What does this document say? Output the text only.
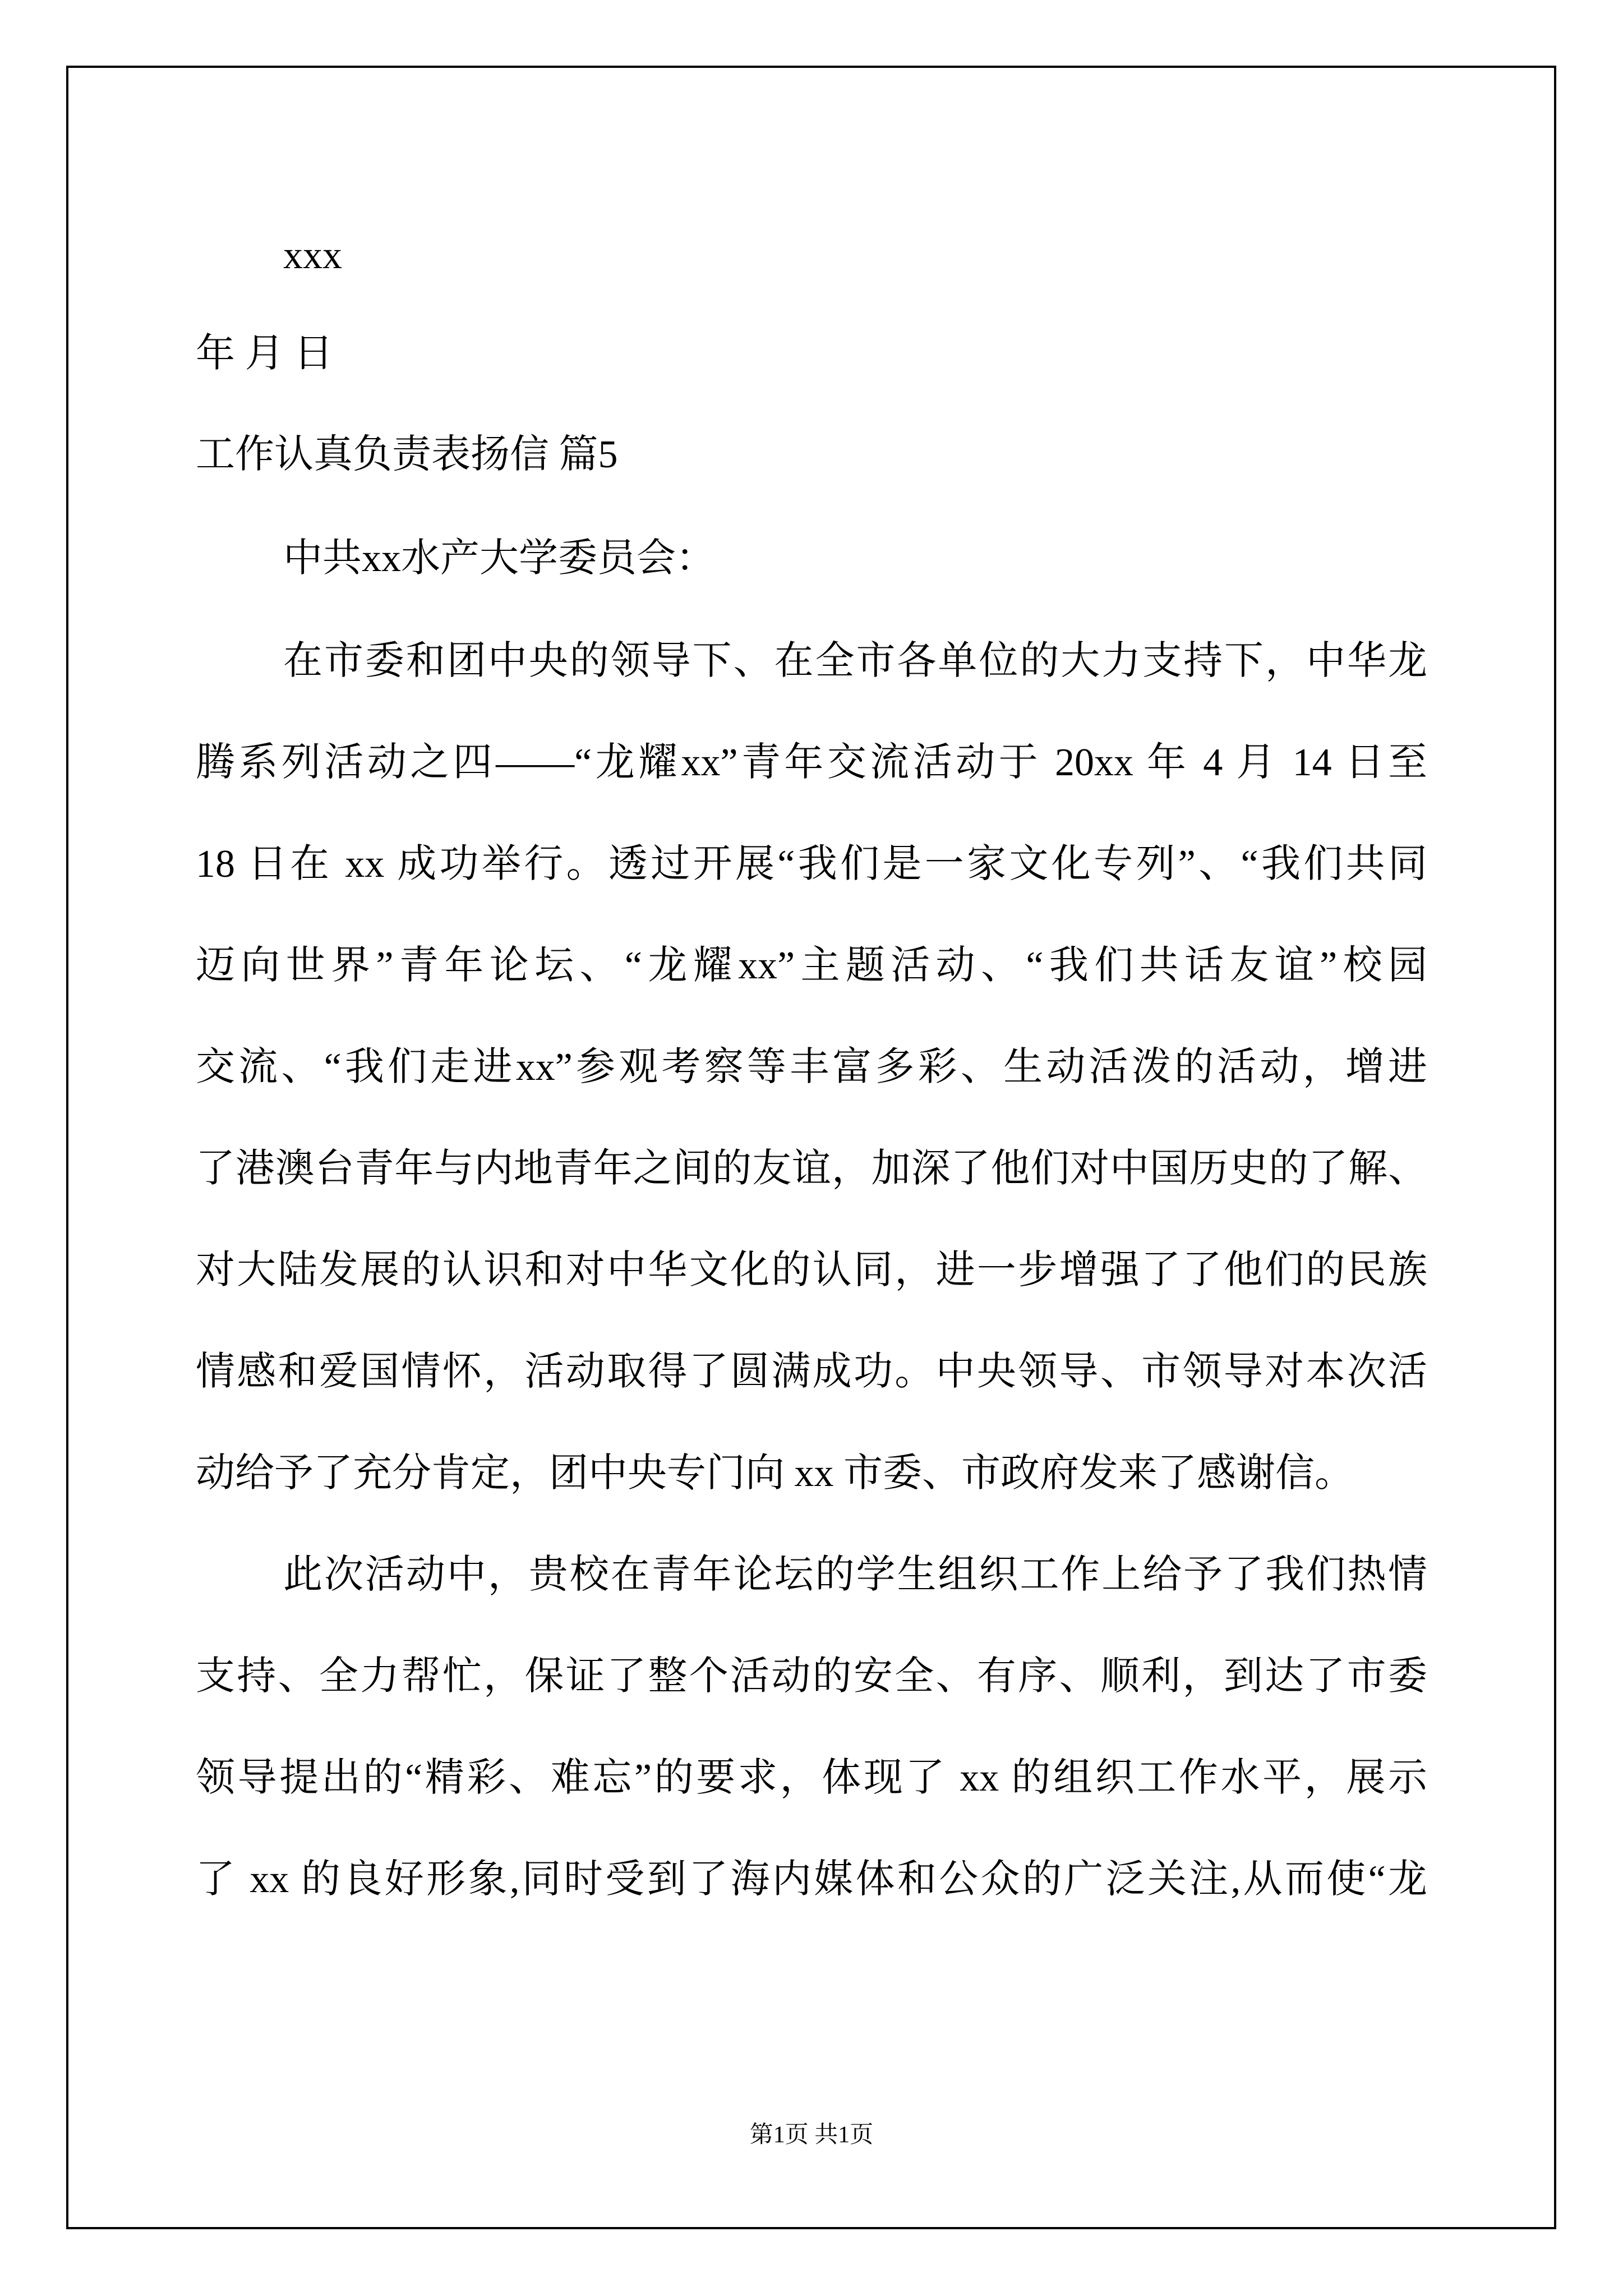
xxx
年 月 日
工作认真负责表扬信 篇5
中共xx水产大学委员会：
在市委和团中央的领导下、在全市各单位的大力支持下，中华龙
腾系列活动之四——“龙耀xx”青年交流活动于 20xx 年 4 月 14 日至
18 日在 xx 成功举行。透过开展“我们是一家文化专列”、“我们共同
迈向世界”青年论坛、“龙耀xx”主题活动、“我们共话友谊”校园
交流、“我们走进xx”参观考察等丰富多彩、生动活泼的活动，增进
了港澳台青年与内地青年之间的友谊，加深了他们对中国历史的了解、
对大陆发展的认识和对中华文化的认同，进一步增强了了他们的民族
情感和爱国情怀，活动取得了圆满成功。中央领导、市领导对本次活
动给予了充分肯定，团中央专门向 xx 市委、市政府发来了感谢信。
此次活动中，贵校在青年论坛的学生组织工作上给予了我们热情
支持、全力帮忙，保证了整个活动的安全、有序、顺利，到达了市委
领导提出的“精彩、难忘”的要求，体现了 xx 的组织工作水平，展示
了 xx 的良好形象,同时受到了海内媒体和公众的广泛关注,从而使“龙
第1页 共1页
